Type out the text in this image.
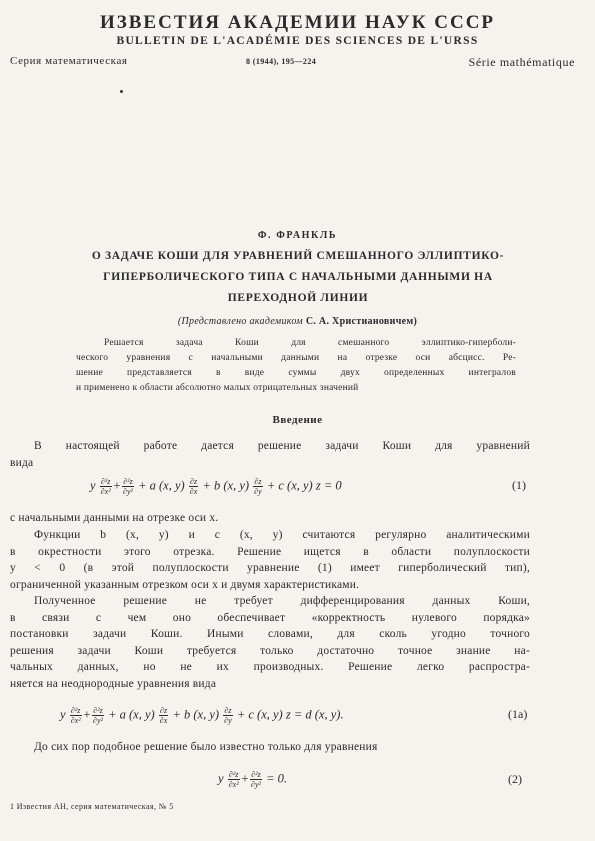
ИЗВЕСТИЯ АКАДЕМИИ НАУК СССР
BULLETIN DE L'ACADÉMIE DES SCIENCES DE L'URSS
Серия математическая	8 (1944), 195—224	Série mathématique
Ф. ФРАНКЛЬ
О ЗАДАЧЕ КОШИ ДЛЯ УРАВНЕНИЙ СМЕШАННОГО ЭЛЛИПТИКО-
ГИПЕРБОЛИЧЕСКОГО ТИПА С НАЧАЛЬНЫМИ ДАННЫМИ НА
ПЕРЕХОДНОЙ ЛИНИИ
(Представлено академиком С. А. Христиановичем)
Решается задача Коши для смешанного эллиптико-гиперболи-
ческого уравнения с начальными данными на отрезке оси абсцисс. Ре-
шение представляется в виде суммы двух определенных интегралов
и применено к области абсолютно малых отрицательных значений
Введение
В настоящей работе дается решение задачи Коши для уравнений
вида
y $\frac{\text{∂²z}}{\text{∂x²}} + \frac{\text{∂²z}}{\text{∂y²}} + a$ (x, $y) \frac{\partial z}{\partial x} + b$ (x, $y) \frac{\partial z}{\partial y} + c$ (x, y) z = 0	(1)
с начальными данными на отрезке оси x.
Функции b (x, y) и c (x, y) считаются регулярно аналитическими
в окрестности этого отрезка. Решение ищется в области полуплоскости
y < 0 (в этой полуплоскости уравнение (1) имеет гиперболический тип),
ограниченной указанным отрезком оси x и двумя характеристиками.
Полученное решение не требует дифференцирования данных Коши,
в связи с чем оно обеспечивает «корректность нулевого порядка»
постановки задачи Коши. Иными словами, для сколь угодно точного
решения задачи Коши требуется только достаточно точное знание на-
чальных данных, но не их производных. Решение легко распростра-
няется на неоднородные уравнения вида
y $\frac{\text{∂²z}}{\text{∂x²}} + \frac{\text{∂²z}}{\text{∂y²}} + a$ (x, $y) \frac{\partial z}{\partial x} + b$ (x, $y) \frac{\partial z}{\partial y} + c$ (x, y) z = d (x, y).	(1a)
До сих пор подобное решение было известно только для уравнения
y $\frac{\text{∂²z}}{\text{∂x²}} + \frac{\text{∂²z}}{\text{∂y²}} = 0$.	(2)
1 Известия АН, серия математическая, № 5
